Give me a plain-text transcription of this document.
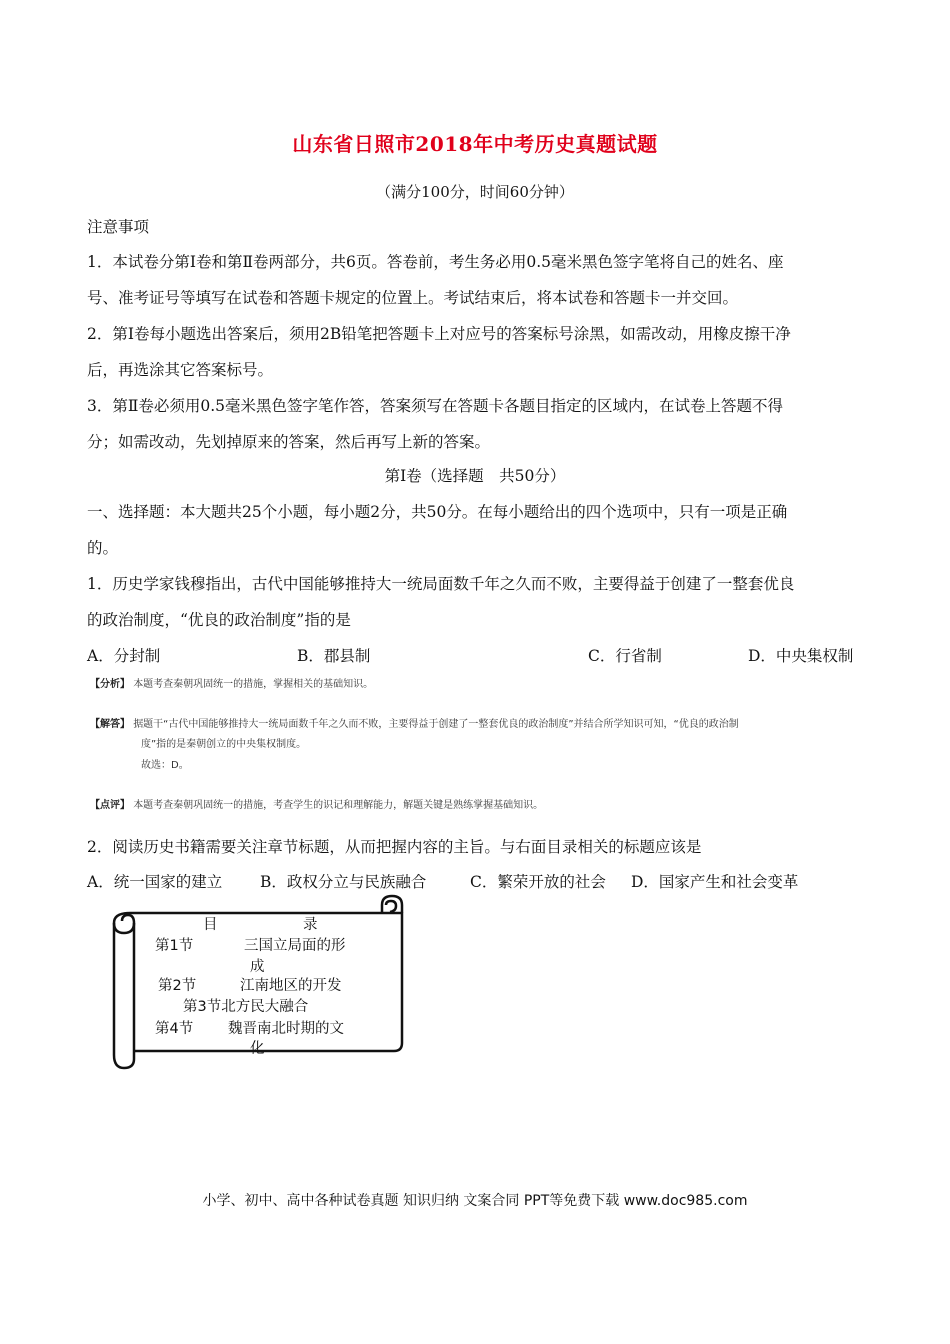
山东省日照市2018年中考历史真题试题
（满分100分，时间60分钟）
注意事项
1．本试卷分第Ⅰ卷和第Ⅱ卷两部分，共6页。答卷前，考生务必用0.5毫米黑色签字笔将自己的姓名、座
号、准考证号等填写在试卷和答题卡规定的位置上。考试结束后，将本试卷和答题卡一并交回。
2．第Ⅰ卷每小题选出答案后，须用2B铅笔把答题卡上对应号的答案标号涂黑，如需改动，用橡皮擦干净
后，再选涂其它答案标号。
3．第Ⅱ卷必须用0.5毫米黑色签字笔作答，答案须写在答题卡各题目指定的区域内，在试卷上答题不得
分；如需改动，先划掉原来的答案，然后再写上新的答案。
第Ⅰ卷（选择题　共50分）
一、选择题：本大题共25个小题，每小题2分，共50分。在每小题给出的四个选项中，只有一项是正确
的。
1．历史学家钱穆指出，古代中国能够推持大一统局面数千年之久而不败，主要得益于创建了一整套优良
的政治制度，“优良的政治制度”指的是
A．分封制	B．郡县制	C．行省制	D．中央集权制
【分析】 本题考查秦朝巩固统一的措施，掌握相关的基础知识。
【解答】 据题干“古代中国能够推持大一统局面数千年之久而不败，主要得益于创建了一整套优良的政治制度”并结合所学知识可知，“优良的政治制
度”指的是秦朝创立的中央集权制度。
故选：D。
【点评】 本题考查秦朝巩固统一的措施，考查学生的识记和理解能力，解题关键是熟练掌握基础知识。
2．阅读历史书籍需要关注章节标题，从而把握内容的主旨。与右面目录相关的标题应该是
A．统一国家的建立 B．政权分立与民族融合	C．繁荣开放的社会 D．国家产生和社会变革
目	录
第1节	三国立局面的形
成
第2节	江南地区的开发
第3节北方民大融合
第4节 魏晋南北时期的文
化
小学、初中、高中各种试卷真题 知识归纳 文案合同 PPT等免费下载 www.doc985.com
